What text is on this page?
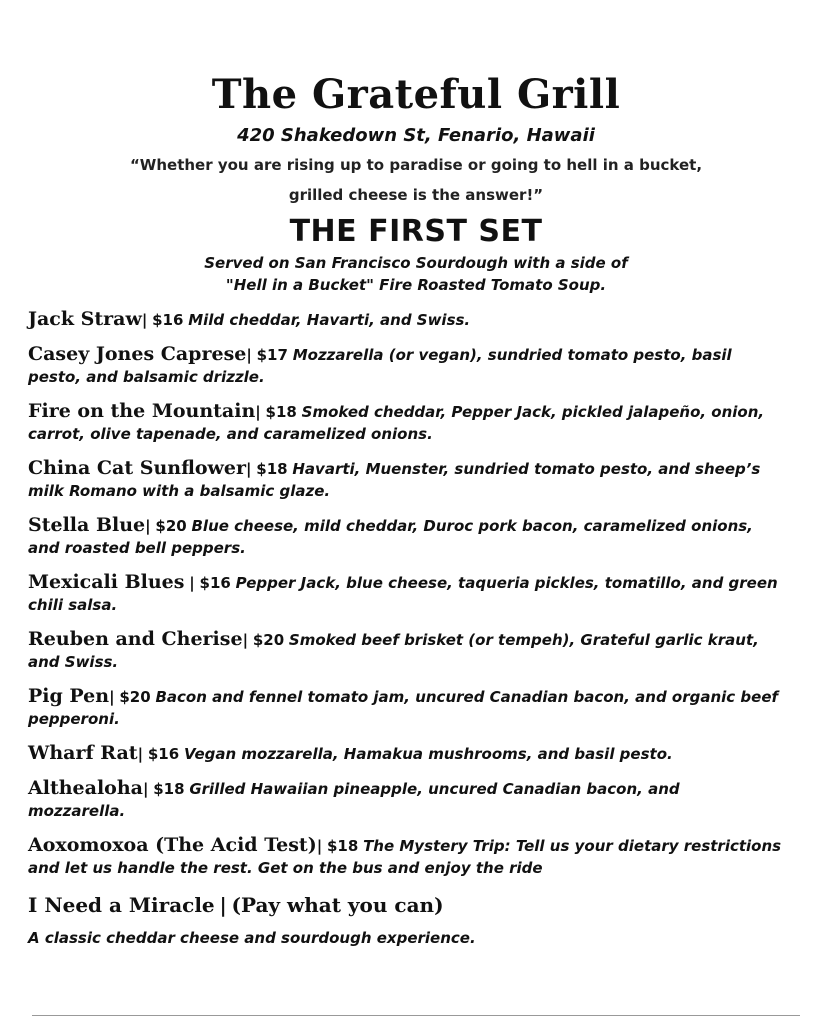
The Grateful Grill
420 Shakedown St, Fenario, Hawaii
“Whether you are rising up to paradise or going to hell in a bucket,
grilled cheese is the answer!”
THE FIRST SET
Served on San Francisco Sourdough with a side of
"Hell in a Bucket" Fire Roasted Tomato Soup.
Jack Straw| $16 Mild cheddar, Havarti, and Swiss.
Casey Jones Caprese| $17 Mozzarella (or vegan), sundried tomato pesto, basil pesto, and balsamic drizzle.
Fire on the Mountain| $18 Smoked cheddar, Pepper Jack, pickled jalapeño, onion, carrot, olive tapenade, and caramelized onions.
China Cat Sunflower| $18 Havarti, Muenster, sundried tomato pesto, and sheep’s milk Romano with a balsamic glaze.
Stella Blue| $20 Blue cheese, mild cheddar, Duroc pork bacon, caramelized onions, and roasted bell peppers.
Mexicali Blues | $16 Pepper Jack, blue cheese, taqueria pickles, tomatillo, and green chili salsa.
Reuben and Cherise| $20 Smoked beef brisket (or tempeh), Grateful garlic kraut, and Swiss.
Pig Pen| $20 Bacon and fennel tomato jam, uncured Canadian bacon, and organic beef pepperoni.
Wharf Rat| $16 Vegan mozzarella, Hamakua mushrooms, and basil pesto.
Althealoha| $18 Grilled Hawaiian pineapple, uncured Canadian bacon, and mozzarella.
Aoxomoxoa (The Acid Test)| $18 The Mystery Trip: Tell us your dietary restrictions and let us handle the rest. Get on the bus and enjoy the ride
I Need a Miracle | (Pay what you can)
A classic cheddar cheese and sourdough experience.
